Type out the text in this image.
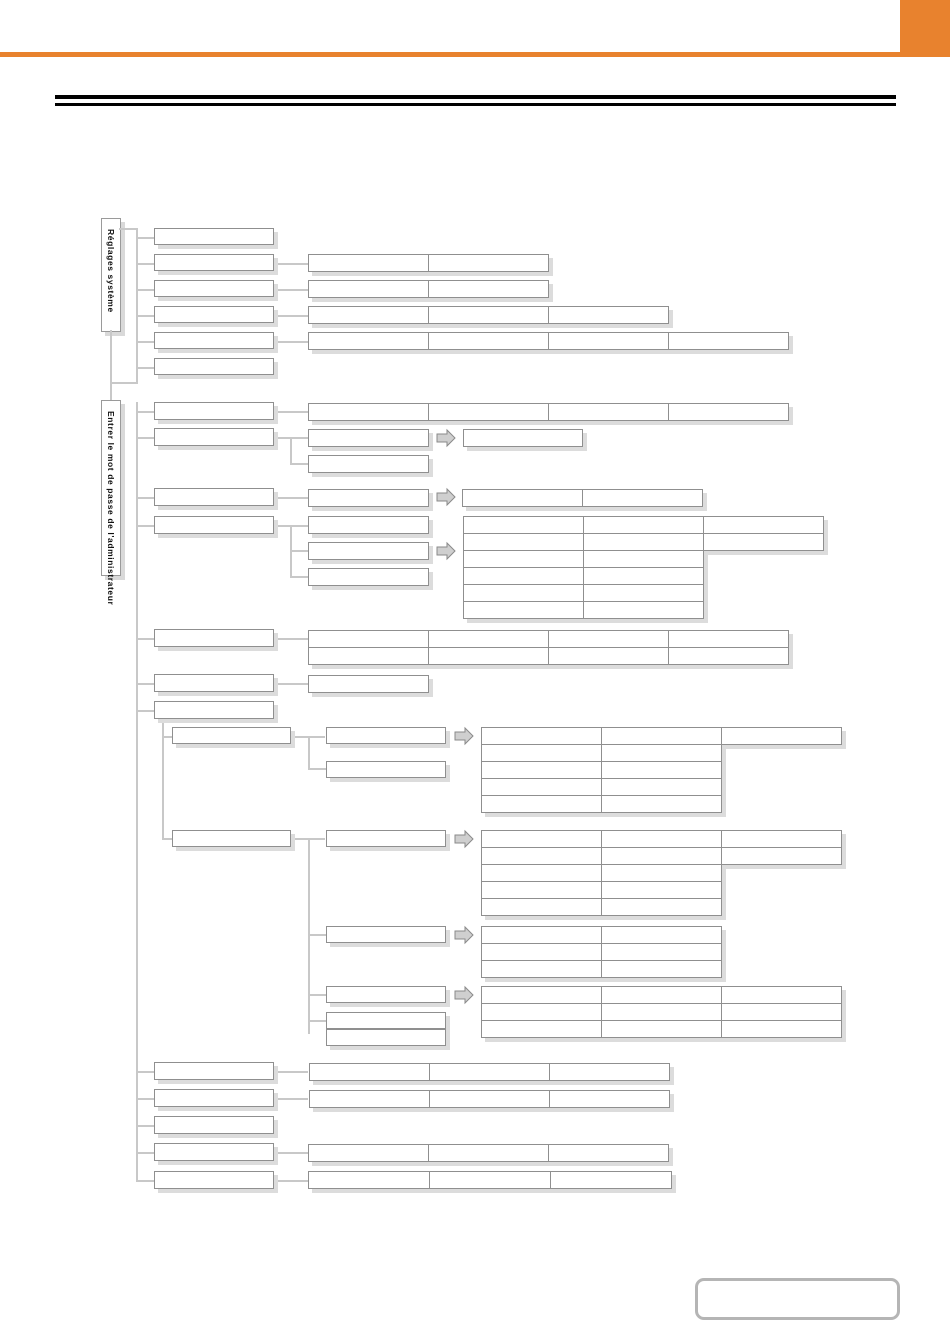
Réglages système
Entrer le mot de passe de l'administrateur
